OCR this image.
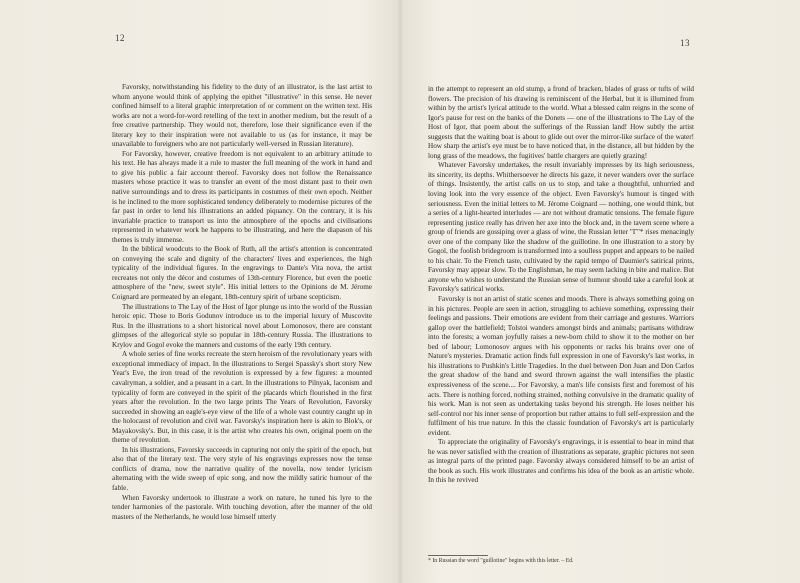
12

Favorsky, notwithstanding his fidelity to the duty of an illustrator, is the last artist to whom anyone would think of applying the epithet "illustrative" in this sense. He never confined himself to a literal graphic interpretation of or comment on the written text. His works are not a word-for-word retelling of the text in another medium, but the result of a free creative partnership. They would not, therefore, lose their significance even if the literary key to their inspiration were not available to us (as for instance, it may be unavailable to foreigners who are not particularly well-versed in Russian literature).

For Favorsky, however, creative freedom is not equivalent to an arbitrary attitude to his text. He has always made it a rule to master the full meaning of the work in hand and to give his public a fair account thereof. Favorsky does not follow the Renaissance masters whose practice it was to transfer an event of the most distant past to their own native surroundings and to dress its participants in costumes of their own epoch. Neither is he inclined to the more sophisticated tendency deliberately to modernise pictures of the far past in order to lend his illustrations an added piquancy. On the contrary, it is his invariable practice to transport us into the atmosphere of the epochs and civilisations represented in whatever work he happens to be illustrating, and here the diapason of his themes is truly immense.

In the biblical woodcuts to the Book of Ruth, all the artist's attention is concentrated on conveying the scale and dignity of the characters' lives and experiences, the high typicality of the individual figures. In the engravings to Dante's Vita nova, the artist recreates not only the décor and costumes of 13th-century Florence, but even the poetic atmosphere of the "new, sweet style". His initial letters to the Opinions de M. Jérome Coignard are permeated by an elegant, 18th-century spirit of urbane scepticism.

The illustrations to The Lay of the Host of Igor plunge us into the world of the Russian heroic epic. Those to Boris Godunov introduce us to the imperial luxury of Muscovite Rus. In the illustrations to a short historical novel about Lomonosov, there are constant glimpses of the allegorical style so popular in 18th-century Russia. The illustrations to Krylov and Gogol evoke the manners and customs of the early 19th century.

A whole series of fine works recreate the stern heroism of the revolutionary years with exceptional immediacy of impact. In the illustrations to Sergei Spassky's short story New Year's Eve, the iron tread of the revolution is expressed by a few figures: a mounted cavalryman, a soldier, and a peasant in a cart. In the illustrations to Pilnyak, laconism and typicality of form are conveyed in the spirit of the placards which flourished in the first years after the revolution. In the two large prints The Years of Revolution, Favorsky succeeded in showing an eagle's-eye view of the life of a whole vast country caught up in the holocaust of revolution and civil war. Favorsky's inspiration here is akin to Blok's, or Mayakovsky's. But, in this case, it is the artist who creates his own, original poem on the theme of revolution.

In his illustrations, Favorsky succeeds in capturing not only the spirit of the epoch, but also that of the literary text. The very style of his engravings expresses now the tense conflicts of drama, now the narrative quality of the novella, now tender lyricism alternating with the wide sweep of epic song, and now the mildly satiric humour of the fable.

When Favorsky undertook to illustrate a work on nature, he tuned his lyre to the tender harmonies of the pastorale. With touching devotion, after the manner of the old masters of the Netherlands, he would lose himself utterly

13

in the attempt to represent an old stump, a frond of bracken, blades of grass or tufts of wild flowers. The precision of his drawing is reminiscent of the Herbal, but it is illumined from within by the artist's lyrical attitude to the world. What a blessed calm reigns in the scene of Igor's pause for rest on the banks of the Donets — one of the illustrations to The Lay of the Host of Igor, that poem about the sufferings of the Russian land! How subtly the artist suggests that the waiting boat is about to glide out over the mirror-like surface of the water! How sharp the artist's eye must be to have noticed that, in the distance, all but hidden by the long grass of the meadows, the fugitives' battle chargers are quietly grazing!

Whatever Favorsky undertakes, the result invariably impresses by its high seriousness, its sincerity, its depths. Whithersoever he directs his gaze, it never wanders over the surface of things. Insistently, the artist calls on us to stop, and take a thoughtful, unhurried and loving look into the very essence of the object. Even Favorsky's humour is tinged with seriousness. Even the initial letters to M. Jérome Coignard — nothing, one would think, but a series of a light-hearted interludes — are not without dramatic tensions. The female figure representing justice really has driven her axe into the block and, in the tavern scene where a group of friends are gossiping over a glass of wine, the Russian letter "Г"* rises menacingly over one of the company like the shadow of the guillotine. In one illustration to a story by Gogol, the foolish bridegroom is transformed into a soulless puppet and appears to be nailed to his chair. To the French taste, cultivated by the rapid tempo of Daumier's satirical prints, Favorsky may appear slow. To the Englishman, he may seem lacking in bite and malice. But anyone who wishes to understand the Russian sense of humour should take a careful look at Favorsky's satirical works.

Favorsky is not an artist of static scenes and moods. There is always something going on in his pictures. People are seen in action, struggling to achieve something, expressing their feelings and passions. Their emotions are evident from their carriage and gestures. Warriors gallop over the battlefield; Tolstoi wanders amongst birds and animals; partisans withdraw into the forests; a woman joyfully raises a new-born child to show it to the mother on her bed of labour; Lomonosov argues with his opponents or racks his brains over one of Nature's mysteries. Dramatic action finds full expression in one of Favorsky's last works, in his illustrations to Pushkin's Little Tragedies. In the duel between Don Juan and Don Carlos the great shadow of the hand and sword thrown against the wall intensifies the plastic expressiveness of the scene.... For Favorsky, a man's life consists first and foremost of his acts. There is nothing forced, nothing strained, nothing convulsive in the dramatic quality of his work. Man is not seen as undertaking tasks beyond his strength. He loses neither his self-control nor his inner sense of proportion but rather attains to full self-expression and the fulfilment of his true nature. In this the classic foundation of Favorsky's art is particularly evident.

To appreciate the originality of Favorsky's engravings, it is essential to bear in mind that he was never satisfied with the creation of illustrations as separate, graphic pictures not seen as integral parts of the printed page. Favorsky always considered himself to be an artist of the book as such. His work illustrates and confirms his idea of the book as an artistic whole. In this he revived

* In Russian the word "guillotine" begins with this letter. – Ed.
